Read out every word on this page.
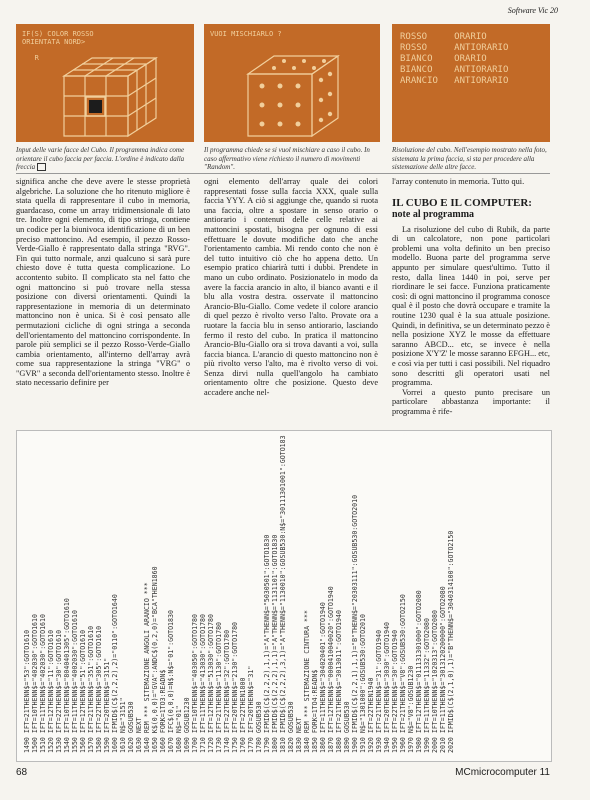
Software Vic 20
IF(S) COLOR ROSSO
ORIENTATA NORD>

R
VUOI MISCHIARLO ?	ROSSO     ORARIO
ROSSO     ANTIORARIO
BIANCO    ORARIO
BIANCO    ANTIORARIO
ARANCIO   ANTIORARIO
Input delle varie facce del Cubo. Il programma indica come orientare il cubo faccia per faccia. L'ordine è indicato dalla freccia
Il programma chiede se si vuol mischiare a caso il cubo. In caso affermativo viene richiesto il numero di movimenti "Random".
Risoluzione del cubo. Nell'esempio mostrato nella foto, sistemata la prima faccia, si sta per procedere alla sistemazione delle altre facce.

significa anche che deve avere le stesse proprietà algebriche. La soluzione che ho ritenuto migliore è stata quella di rappresentare il cubo in memoria, guardacaso, come un array tridimensionale di lato tre. Inoltre ogni elemento, di tipo stringa, contiene un codice per la biunivoca identificazione di un ben preciso mattoncino. Ad esempio, il pezzo Rosso-Verde-Giallo è rappresentato dalla stringa "RVG". Fin qui tutto normale, anzi qualcuno si sarà pure chiesto dove è tutta questa complicazione. Lo accontento subito. Il complicato sta nel fatto che ogni mattoncino si può trovare nella stessa posizione con diversi orientamenti. Quindi la rappresentazione in memoria di un determinato mattoncino non è unica. Si è così pensato alle permutazioni cicliche di ogni stringa a seconda dell'orientamento del mattoncino corrispondente. In parole più semplici se il pezzo Rosso-Verde-Giallo cambia orientamento, all'interno dell'array avrà come sua rappresentazione la stringa "VRG" o "GVR" a seconda dell'orientamento stesso. Inoltre è stato necessario definire per

ogni elemento dell'array quale dei colori rappresentati fosse sulla faccia XXX, quale sulla faccia YYY. A ciò si aggiunge che, quando si ruota una faccia, oltre a spostare in senso orario o antiorario i contenuti delle celle relative ai mattoncini spostati, bisogna per ognuno di essi effettuare le dovute modifiche dato che anche l'orientamento cambia. Mi rendo conto che non è del tutto intuitivo ciò che ho appena detto. Un esempio pratico chiarirà tutti i dubbi. Prendete in mano un cubo ordinato. Posizionatelo in modo da avere la faccia arancio in alto, il bianco avanti e il blu alla vostra destra. osservate il mattoncino Arancio-Blu-Giallo. Come vedete il colore arancio di quel pezzo è rivolto verso l'alto. Provate ora a ruotare la faccia blu in senso antiorario, lasciando fermo il resto del cubo. In pratica il mattoncino Arancio-Blu-Giallo ora si trova davanti a voi, sulla faccia bianca. L'arancio di questo mattoncino non è più rivolto verso l'alto, ma è rivolto verso di voi. Senza dirvi nulla quell'angolo ha cambiato orientamento oltre che posizione. Questo deve accadere anche nel-

l'array contenuto in memoria. Tutto qui.

IL CUBO E IL COMPUTER:
note al programma

La risoluzione del cubo di Rubik, da parte di un calcolatore, non pone particolari problemi una volta definito un ben preciso modello. Buona parte del programma serve appunto per simulare quest'ultimo. Tutto il resto, dalla linea 1440 in poi, serve per riordinare le sei facce. Funziona praticamente così: di ogni mattoncino il programma conosce qual è il posto che dovrà occupare e tramite la routine 1230 qual è la sua attuale posizione. Quindi, in definitiva, se un determinato pezzo è nella posizione XYZ le mosse da effettuare saranno ABCD... etc, se invece è nella posizione X'Y'Z' le mosse saranno EFGH... etc, e così via per tutti i casi possibili. Nel riquadro sono descritti gli operatori usati nel programma.

Vorrei a questo punto precisare un particolare abbastanza importante: il programma è rife-

1490 IFT=21THENN$="53":GOTO1610 1500 IFT=10THENN$="402030":GOTO1610 1510 IFT=11THENN$="402030":GOTO1610 1520 IFT=12THENN$="11":GOTO1610 1530 IFT=22THENN$="30":GOTO1610 1540 IFT=10THENN$="8040401305":GOTO1610 1550 IFT=11THENN$="4002030":GOTO1610 1560 IFT=12THENN$="51":GOTO1610 1570 IFT=21THENN$="351":GOTO1610 1580 IFT=22THENN$="305":GOTO1610 1590 IFT=20THENN$="3151" 1600 IFMID$(C$(2,2,2),2)="0110":GOTO1640 1610 N$="3151" 1620 GOSUB530 1630 NEXT 1640 REM *** SITEMAZIONE ANGOLI ARANCIO *** 1650 K$(0,0,0)="GVA":ANDC$(0,2,0)="BCA"THEN1860 1660 FORK=1TO3:READN$ 1670 IFC$(0,0,0)=N$:N$="01":GOTO1830 1680 N$="01" 1690 GOSUB1230 1700 IFT=10THENN$="403050":GOTO1780 1710 IFT=11THENN$="413030":GOTO1780 1720 IFT=12THENN$="513030":GOTO1780 1730 IFT=21THENN$="1130":GOTO1780 1740 IFT=22THENN$="32":GOTO1780 1750 IFT=20THENN$="2130":GOTO1780 1760 IFT=22THEN1800 1770 IFT=20THENN$="31" 1780 GOSUB530 1790 IFMID$(C$(2,2,2),1,1)="A"THENN$="5030501":GOTO1830 1800 IFMID$(C$(2,2,2),1,1)="A"THENN$="1131101":GOTO1830 1810 IFMID$(C$(2,2,2),3,1)="A"THENN$="1130010":GOSUB530:N$="30111301001":GOTO183 1820 GOSUB530 1830 NEXT 1840 REM *** SITEMAZIONE CINTURA *** 1850 FORK=1TO4:READN$ 1860 IFT=11THENN$="304020401":GOTO1940 1870 IFT=12THENN$="0000410040020":GOTO1940 1880 IFT=21THENN$="3013011":GOTO1940 1890 GOSUB530 1900 IFMID$(C$(2,2,1),1,1)="B"THENN$="20303111":GOSUB530:GOTO2010 1910 N$="1301000":GOSUB530:GOTO2010 1920 IFT=22THEN1940 1930 IFT=21THENN$="31":GOTO1940 1940 IFT=20THENN$="3030":GOTO1940 1950 IFT=22THENN$="30":GOTO1940 1960 IFT=21THENN$="V8":GOSUB530:GOTO2150 1970 N$="V8":GOSUB1230 1980 IFT=12THENN$="011131301000":GOTO2080 1990 IFT=11THENN$="11332":GOTO2080 2000 IFT=10THENN$="1020313":GOTO2080 2010 IFT=11THENN$="3013120200000":GOTO2080 2020 IFMID$(C$(2,1,0),1)="B"THENN$="3040314100":GOTO2150
68	MCmicrocomputer 11
